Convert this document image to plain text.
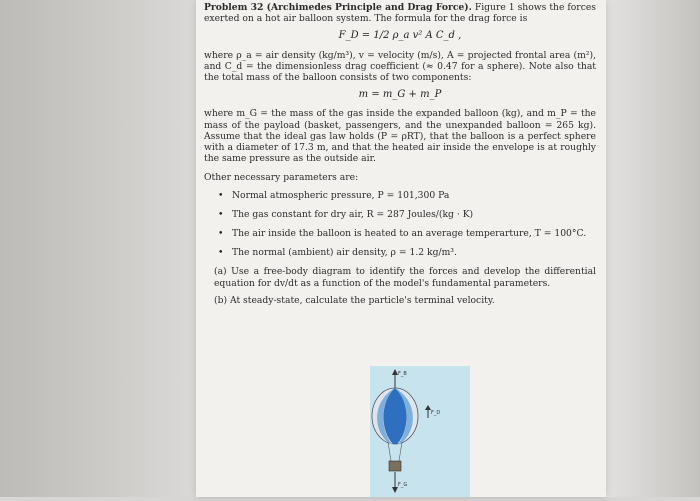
Problem 32 (Archimedes Principle and Drag Force). Figure 1 shows the forces exerted on a hot air balloon system. The formula for the drag force is

F_D = 1/2 ρ_a v² A C_d ,

where ρ_a = air density (kg/m³), v = velocity (m/s), A = projected frontal area (m²), and C_d = the dimensionless drag coefficient (≈ 0.47 for a sphere). Note also that the total mass of the balloon consists of two components:

m = m_G + m_P

where m_G = the mass of the gas inside the expanded balloon (kg), and m_P = the mass of the payload (basket, passengers, and the unexpanded balloon = 265 kg). Assume that the ideal gas law holds (P = ρRT), that the balloon is a perfect sphere with a diameter of 17.3 m, and that the heated air inside the envelope is at roughly the same pressure as the outside air.

Other necessary parameters are:

• Normal atmospheric pressure, P = 101,300 Pa
• The gas constant for dry air, R = 287 Joules/(kg · K)
• The air inside the balloon is heated to an average temperarture, T = 100°C.
• The normal (ambient) air density, ρ = 1.2 kg/m³.

(a) Use a free-body diagram to identify the forces and develop the differential equation for dv/dt as a function of the model's fundamental parameters.

(b) At steady-state, calculate the particle's terminal velocity.

F_B
F_D
F_G
